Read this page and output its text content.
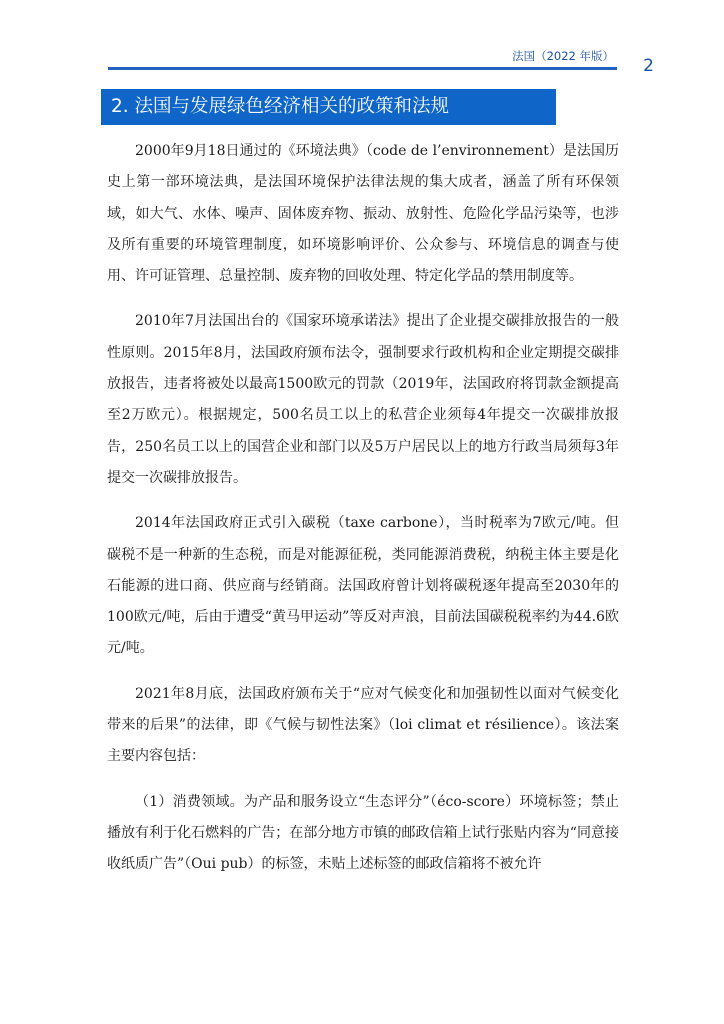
法国（2022 年版） 2
2. 法国与发展绿色经济相关的政策和法规

2000年9月18日通过的《环境法典》（code de l’environnement）是法国历史上第一部环境法典，是法国环境保护法律法规的集大成者，涵盖了所有环保领域，如大气、水体、噪声、固体废弃物、振动、放射性、危险化学品污染等，也涉及所有重要的环境管理制度，如环境影响评价、公众参与、环境信息的调查与使用、许可证管理、总量控制、废弃物的回收处理、特定化学品的禁用制度等。

2010年7月法国出台的《国家环境承诺法》提出了企业提交碳排放报告的一般性原则。2015年8月，法国政府颁布法令，强制要求行政机构和企业定期提交碳排放报告，违者将被处以最高1500欧元的罚款（2019年，法国政府将罚款金额提高至2万欧元）。根据规定，500名员工以上的私营企业须每4年提交一次碳排放报告，250名员工以上的国营企业和部门以及5万户居民以上的地方行政当局须每3年提交一次碳排放报告。

2014年法国政府正式引入碳税（taxe carbone），当时税率为7欧元/吨。但碳税不是一种新的生态税，而是对能源征税，类同能源消费税，纳税主体主要是化石能源的进口商、供应商与经销商。法国政府曾计划将碳税逐年提高至2030年的100欧元/吨，后由于遭受“黄马甲运动”等反对声浪，目前法国碳税税率约为44.6欧元/吨。

2021年8月底，法国政府颁布关于“应对气候变化和加强韧性以面对气候变化带来的后果”的法律，即《气候与韧性法案》（loi climat et résilience）。该法案主要内容包括：

（1）消费领域。为产品和服务设立“生态评分”（éco-score）环境标签；禁止播放有利于化石燃料的广告；在部分地方市镇的邮政信箱上试行张贴内容为“同意接收纸质广告”（Oui pub）的标签，未贴上述标签的邮政信箱将不被允许
